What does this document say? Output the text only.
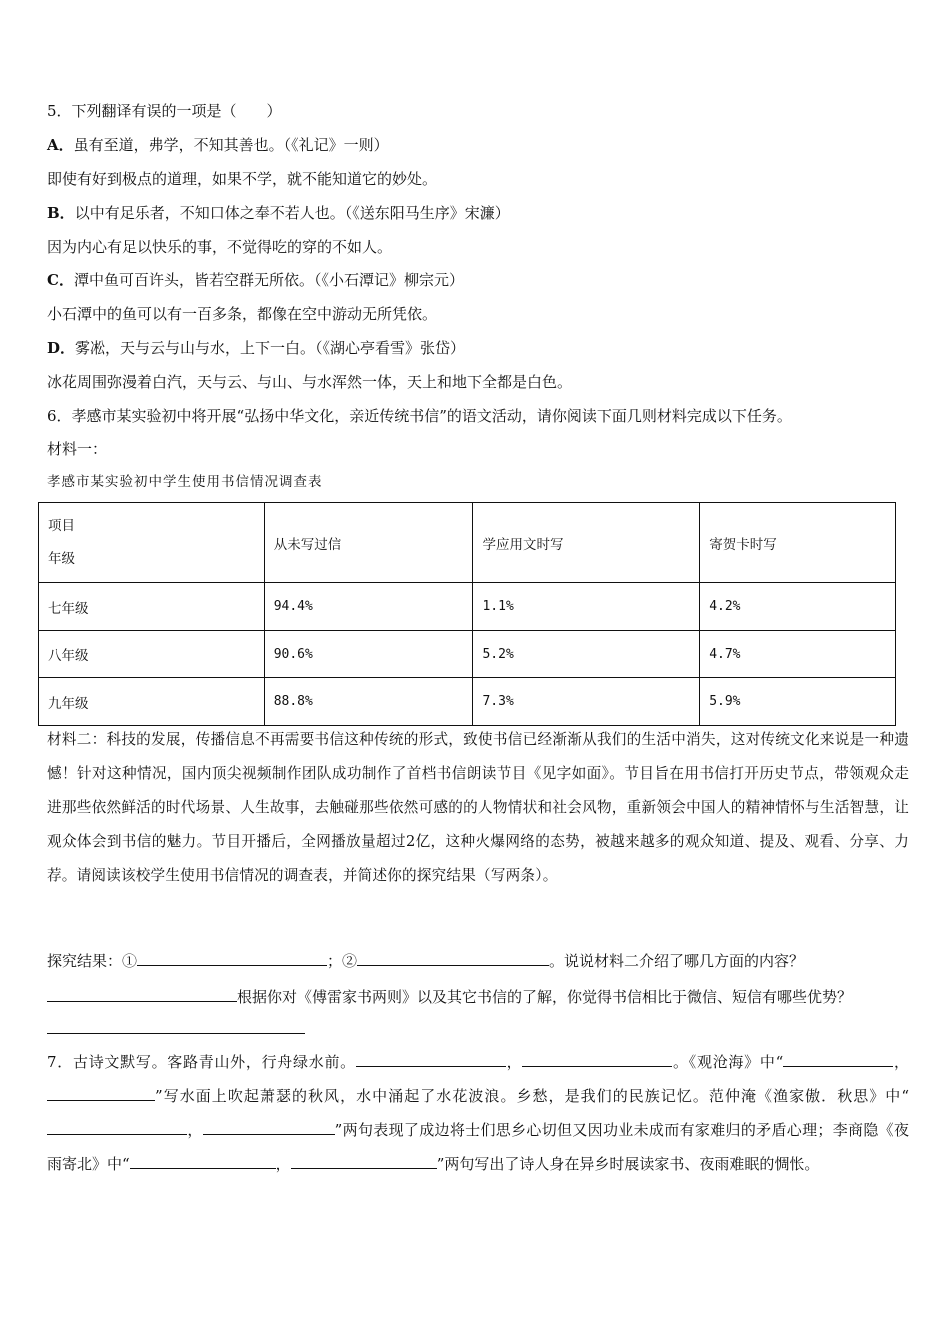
5．下列翻译有误的一项是（　　）
A．虽有至道，弗学，不知其善也。（《礼记》一则）
即使有好到极点的道理，如果不学，就不能知道它的妙处。
B．以中有足乐者，不知口体之奉不若人也。（《送东阳马生序》宋濂）
因为内心有足以快乐的事，不觉得吃的穿的不如人。
C．潭中鱼可百许头，皆若空群无所依。（《小石潭记》柳宗元）
小石潭中的鱼可以有一百多条，都像在空中游动无所凭依。
D．雾凇，天与云与山与水，上下一白。（《湖心亭看雪》张岱）
冰花周围弥漫着白汽，天与云、与山、与水浑然一体，天上和地下全都是白色。
6．孝感市某实验初中将开展“弘扬中华文化，亲近传统书信”的语文活动，请你阅读下面几则材料完成以下任务。
材料一：
孝感市某实验初中学生使用书信情况调查表
项目
年级	从未写过信	学应用文时写	寄贺卡时写
七年级	94.4%	1.1%	4.2%
八年级	90.6%	5.2%	4.7%
九年级	88.8%	7.3%	5.9%
材料二：科技的发展，传播信息不再需要书信这种传统的形式，致使书信已经渐渐从我们的生活中消失，这对传统文化来说是一种遗憾！针对这种情况，国内顶尖视频制作团队成功制作了首档书信朗读节目《见字如面》。节目旨在用书信打开历史节点，带领观众走进那些依然鲜活的时代场景、人生故事，去触碰那些依然可感的的人物情状和社会风物，重新领会中国人的精神情怀与生活智慧，让观众体会到书信的魅力。节目开播后，全网播放量超过2亿，这种火爆网络的态势，被越来越多的观众知道、提及、观看、分享、力荐。请阅读该校学生使用书信情况的调查表，并简述你的探究结果（写两条）。
探究结果：①	；②	。说说材料二介绍了哪几方面的内容？
根据你对《傅雷家书两则》以及其它书信的了解，你觉得书信相比于微信、短信有哪些优势？
7．古诗文默写。客路青山外，行舟绿水前。	，	。《观沧海》中“	，”写水面上吹起萧瑟的秋风，水中涌起了水花波浪。乡愁，是我们的民族记忆。范仲淹《渔家傲．秋思》中“，	”两句表现了成边将士们思乡心切但又因功业未成而有家难归的矛盾心理；李商隐《夜雨寄北》中“	，	”两句写出了诗人身在异乡时展读家书、夜雨难眠的惆怅。
